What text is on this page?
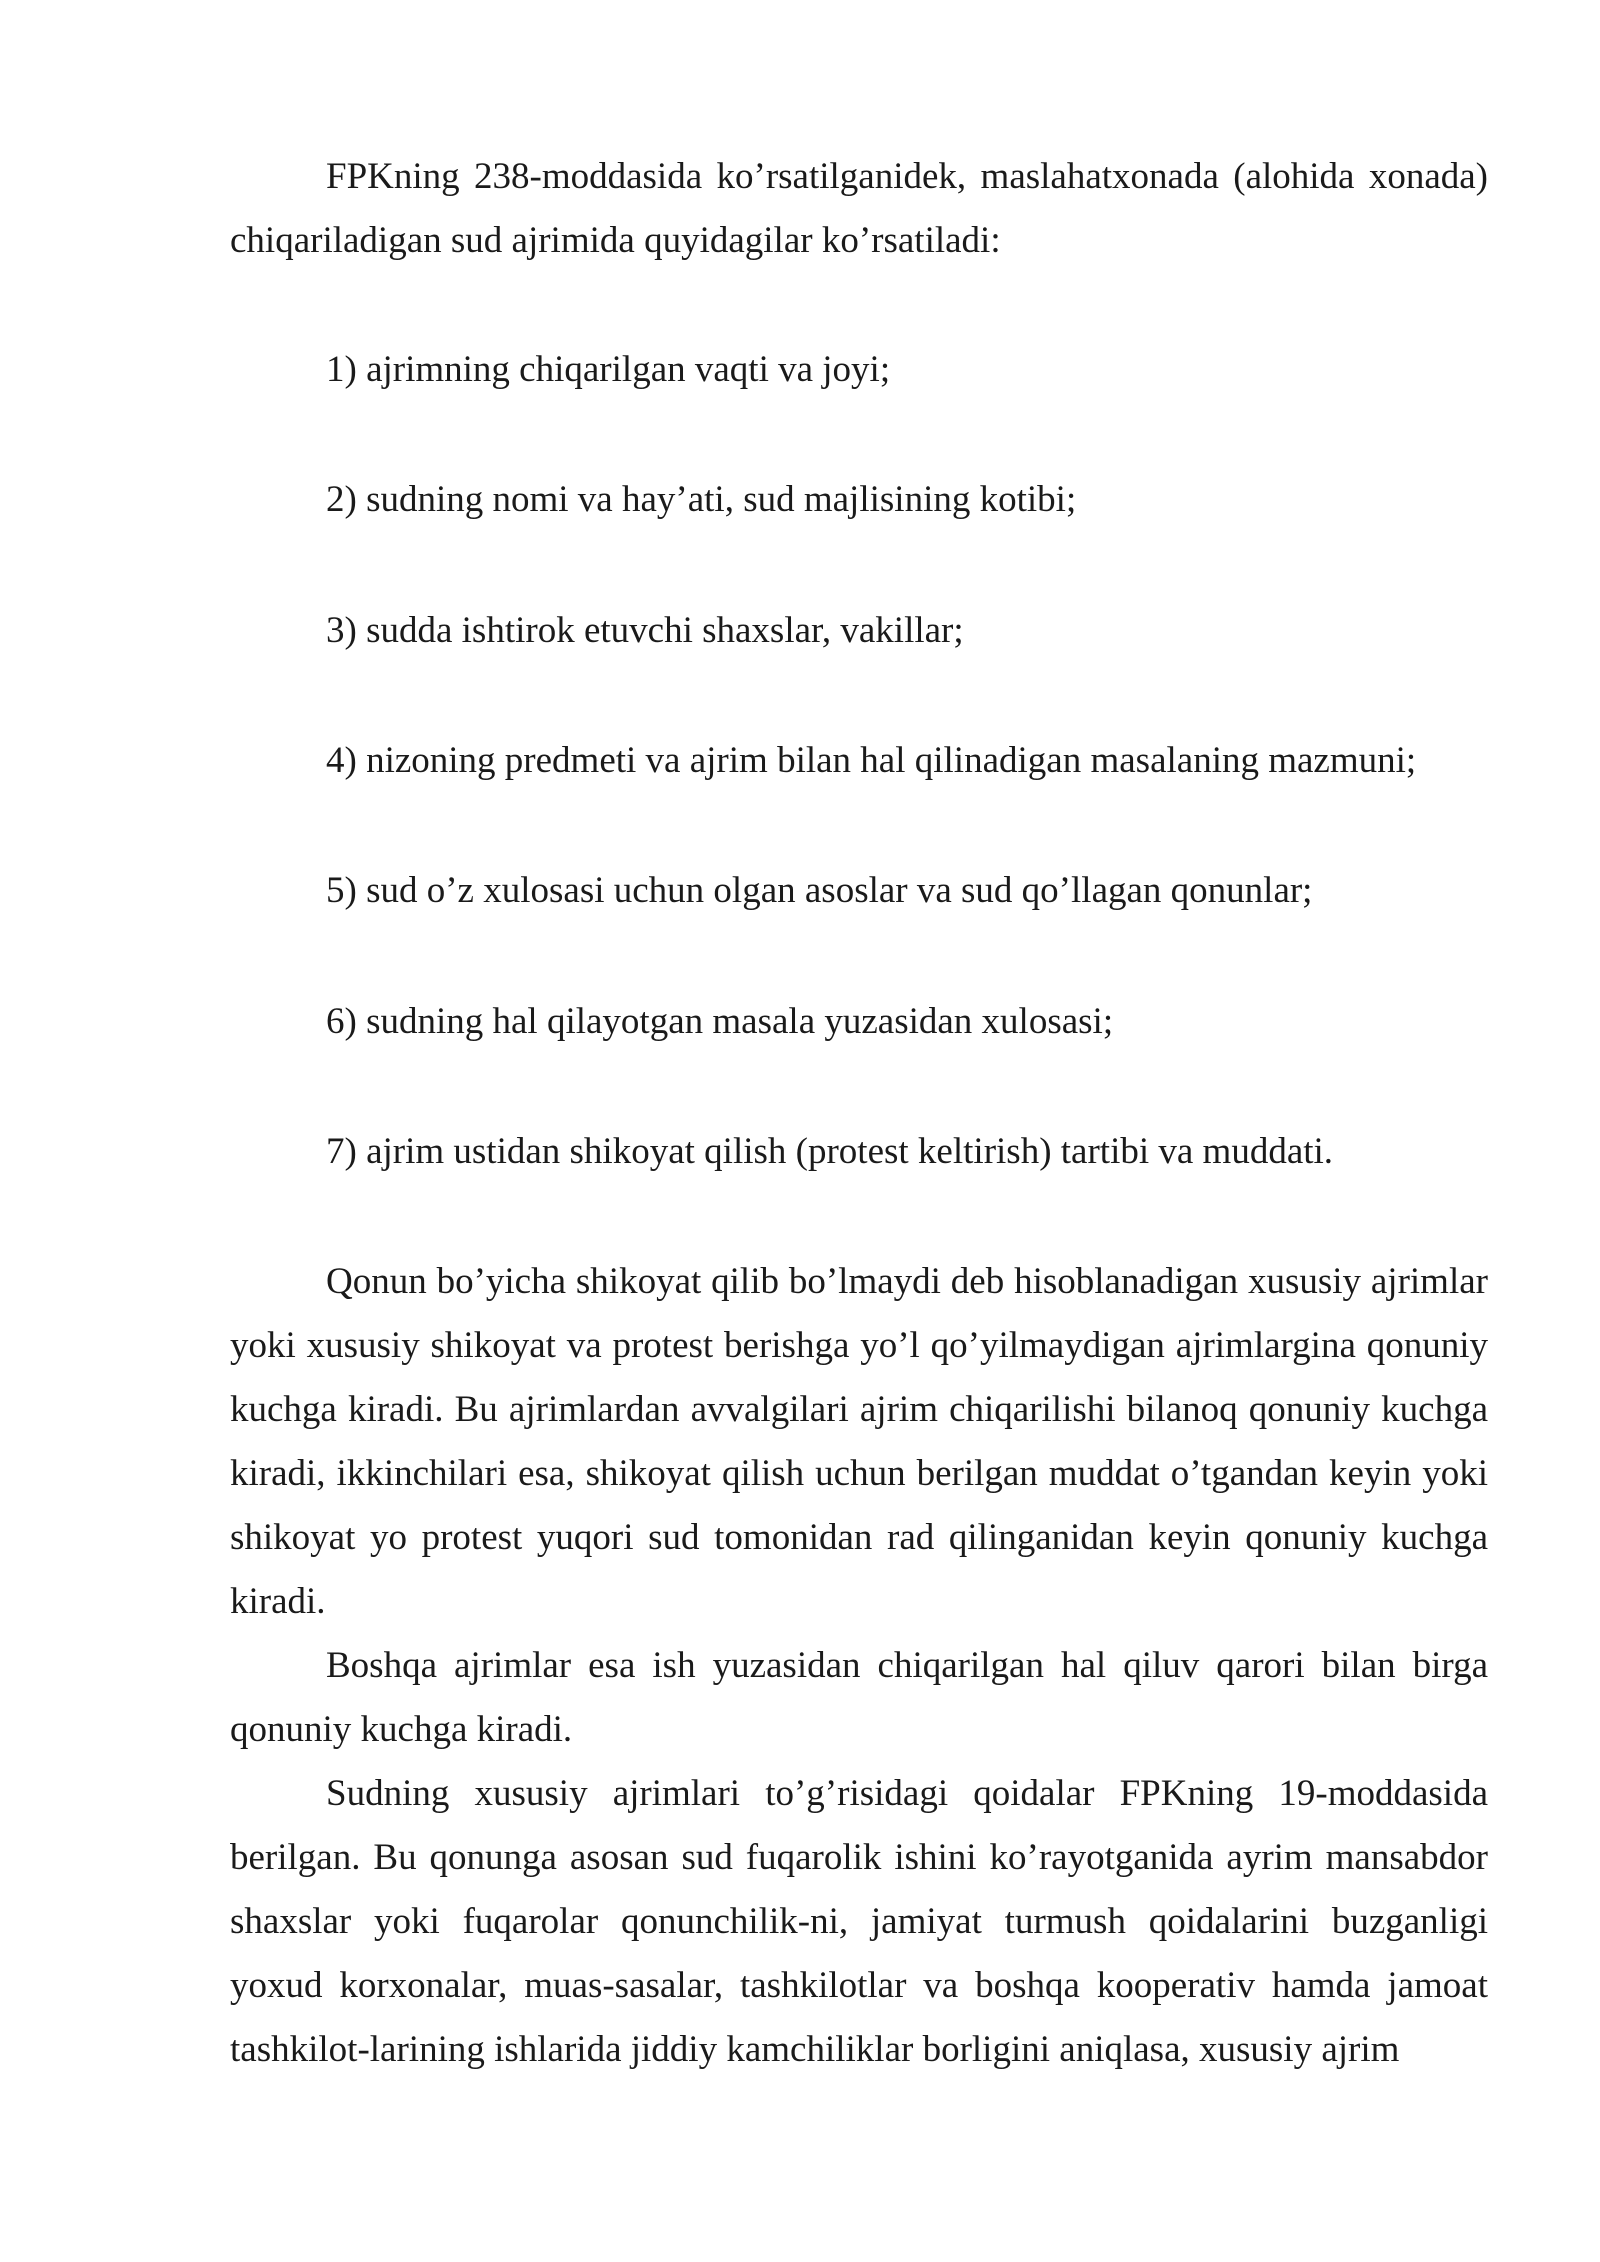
FPKning 238-moddasida ko’rsatilganidek, maslahatxonada (alohida xonada) chiqariladigan sud ajrimida quyidagilar ko’rsatiladi:

1) ajrimning chiqarilgan vaqti va joyi;

2) sudning nomi va hay’ati, sud majlisining kotibi;

3) sudda ishtirok etuvchi shaxslar, vakillar;

4) nizoning predmeti va ajrim bilan hal qilinadigan masalaning mazmuni;

5) sud o’z xulosasi uchun olgan asoslar va sud qo’llagan qonunlar;

6) sudning hal qilayotgan masala yuzasidan xulosasi;

7) ajrim ustidan shikoyat qilish (protest keltirish) tartibi va muddati.

Qonun bo’yicha shikoyat qilib bo’lmaydi deb hisoblanadigan xususiy ajrimlar yoki xususiy shikoyat va protest berishga yo’l qo’yilmaydigan ajrimlargina qonuniy kuchga kiradi. Bu ajrimlardan avvalgilari ajrim chiqarilishi bilanoq qonuniy kuchga kiradi, ikkinchilari esa, shikoyat qilish uchun berilgan muddat o’tgandan keyin yoki shikoyat yo protest yuqori sud tomonidan rad qilinganidan keyin qonuniy kuchga kiradi.

Boshqa ajrimlar esa ish yuzasidan chiqarilgan hal qiluv qarori bilan birga qonuniy kuchga kiradi.

Sudning xususiy ajrimlari to’g’risidagi qoidalar FPKning 19-moddasida berilgan. Bu qonunga asosan sud fuqarolik ishini ko’rayotganida ayrim mansabdor shaxslar yoki fuqarolar qonunchilik-ni, jamiyat turmush qoidalarini buzganligi yoxud korxonalar, muas-sasalar, tashkilotlar va boshqa kooperativ hamda jamoat tashkilot-larining ishlarida jiddiy kamchiliklar borligini aniqlasa, xususiy ajrim
